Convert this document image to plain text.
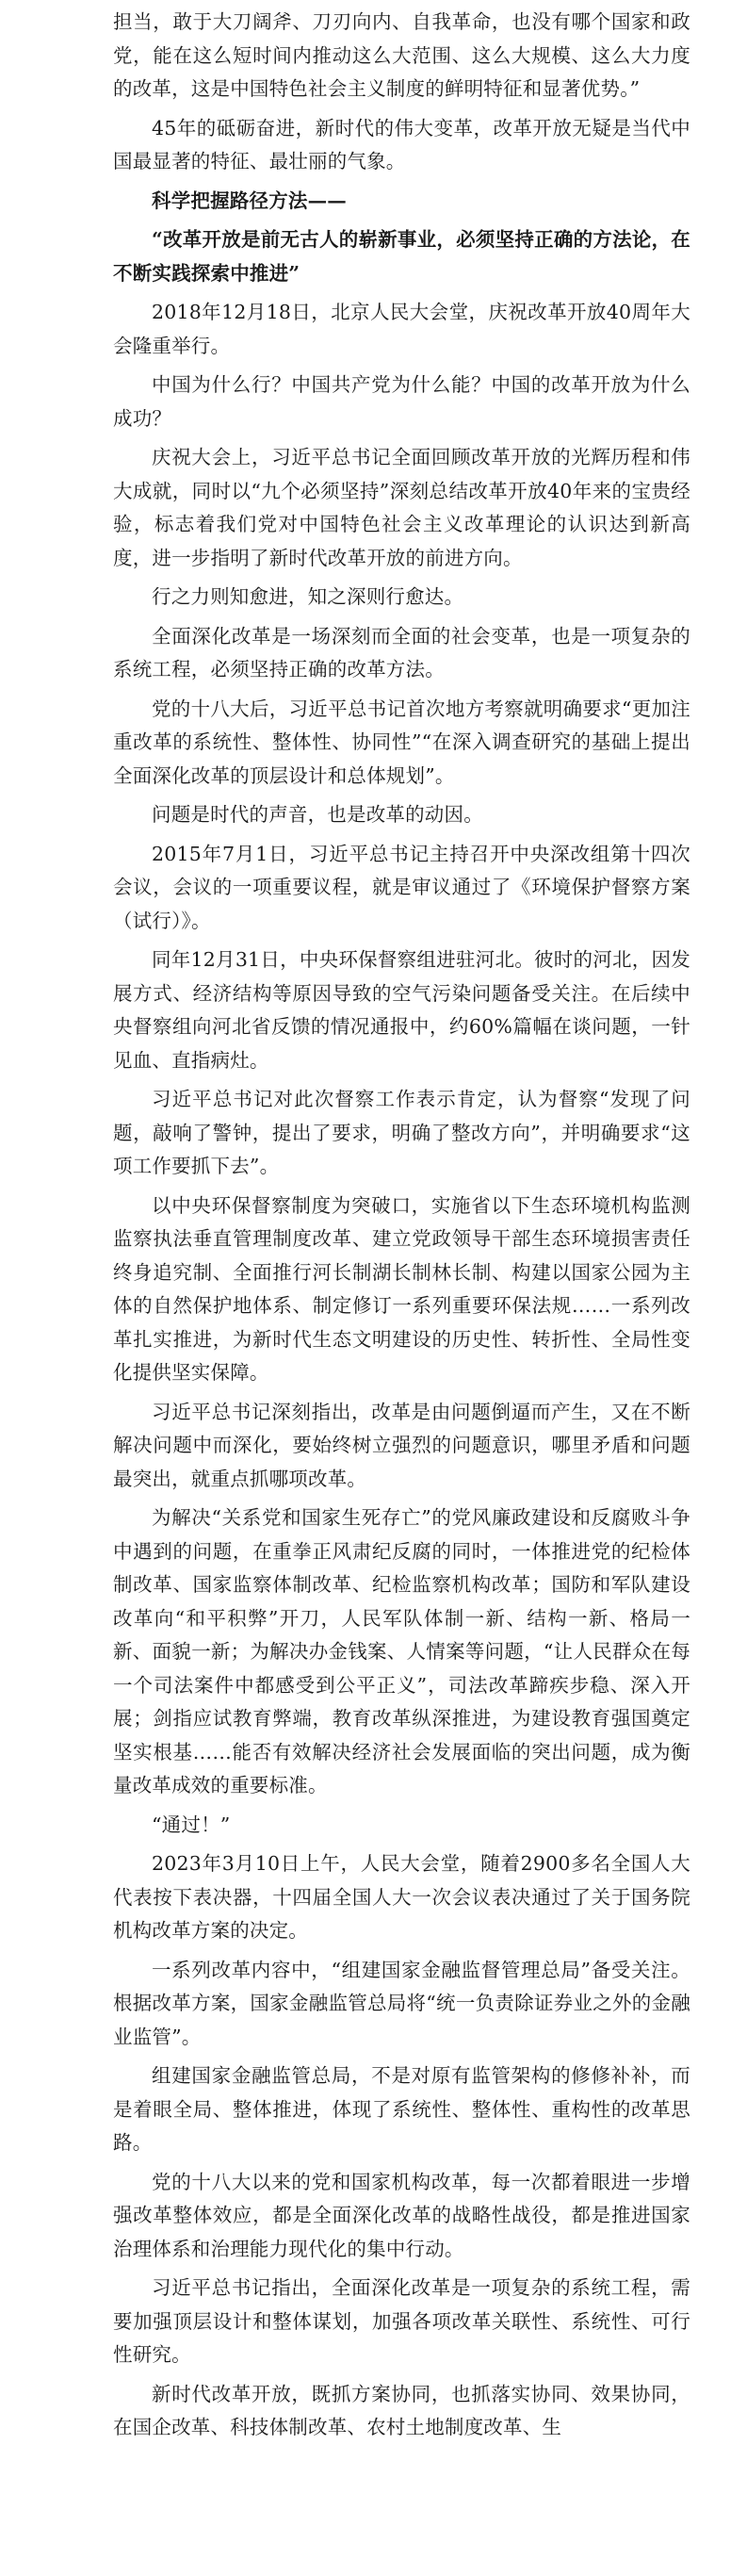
担当，敢于大刀阔斧、刀刃向内、自我革命，也没有哪个国家和政党，能在这么短时间内推动这么大范围、这么大规模、这么大力度的改革，这是中国特色社会主义制度的鲜明特征和显著优势。”

45年的砥砺奋进，新时代的伟大变革，改革开放无疑是当代中国最显著的特征、最壮丽的气象。

科学把握路径方法——

“改革开放是前无古人的崭新事业，必须坚持正确的方法论，在不断实践探索中推进”

2018年12月18日，北京人民大会堂，庆祝改革开放40周年大会隆重举行。

中国为什么行？中国共产党为什么能？中国的改革开放为什么成功？

庆祝大会上，习近平总书记全面回顾改革开放的光辉历程和伟大成就，同时以“九个必须坚持”深刻总结改革开放40年来的宝贵经验，标志着我们党对中国特色社会主义改革理论的认识达到新高度，进一步指明了新时代改革开放的前进方向。

行之力则知愈进，知之深则行愈达。

全面深化改革是一场深刻而全面的社会变革，也是一项复杂的系统工程，必须坚持正确的改革方法。

党的十八大后，习近平总书记首次地方考察就明确要求“更加注重改革的系统性、整体性、协同性”“在深入调查研究的基础上提出全面深化改革的顶层设计和总体规划”。

问题是时代的声音，也是改革的动因。

2015年7月1日，习近平总书记主持召开中央深改组第十四次会议，会议的一项重要议程，就是审议通过了《环境保护督察方案（试行）》。

同年12月31日，中央环保督察组进驻河北。彼时的河北，因发展方式、经济结构等原因导致的空气污染问题备受关注。在后续中央督察组向河北省反馈的情况通报中，约60%篇幅在谈问题，一针见血、直指病灶。

习近平总书记对此次督察工作表示肯定，认为督察“发现了问题，敲响了警钟，提出了要求，明确了整改方向”，并明确要求“这项工作要抓下去”。

以中央环保督察制度为突破口，实施省以下生态环境机构监测监察执法垂直管理制度改革、建立党政领导干部生态环境损害责任终身追究制、全面推行河长制湖长制林长制、构建以国家公园为主体的自然保护地体系、制定修订一系列重要环保法规……一系列改革扎实推进，为新时代生态文明建设的历史性、转折性、全局性变化提供坚实保障。

习近平总书记深刻指出，改革是由问题倒逼而产生，又在不断解决问题中而深化，要始终树立强烈的问题意识，哪里矛盾和问题最突出，就重点抓哪项改革。

为解决“关系党和国家生死存亡”的党风廉政建设和反腐败斗争中遇到的问题，在重拳正风肃纪反腐的同时，一体推进党的纪检体制改革、国家监察体制改革、纪检监察机构改革；国防和军队建设改革向“和平积弊”开刀，人民军队体制一新、结构一新、格局一新、面貌一新；为解决办金钱案、人情案等问题，“让人民群众在每一个司法案件中都感受到公平正义”，司法改革蹄疾步稳、深入开展；剑指应试教育弊端，教育改革纵深推进，为建设教育强国奠定坚实根基……能否有效解决经济社会发展面临的突出问题，成为衡量改革成效的重要标准。

“通过！”

2023年3月10日上午，人民大会堂，随着2900多名全国人大代表按下表决器，十四届全国人大一次会议表决通过了关于国务院机构改革方案的决定。

一系列改革内容中，“组建国家金融监督管理总局”备受关注。根据改革方案，国家金融监管总局将“统一负责除证券业之外的金融业监管”。

组建国家金融监管总局，不是对原有监管架构的修修补补，而是着眼全局、整体推进，体现了系统性、整体性、重构性的改革思路。

党的十八大以来的党和国家机构改革，每一次都着眼进一步增强改革整体效应，都是全面深化改革的战略性战役，都是推进国家治理体系和治理能力现代化的集中行动。

习近平总书记指出，全面深化改革是一项复杂的系统工程，需要加强顶层设计和整体谋划，加强各项改革关联性、系统性、可行性研究。

新时代改革开放，既抓方案协同，也抓落实协同、效果协同，在国企改革、科技体制改革、农村土地制度改革、生
